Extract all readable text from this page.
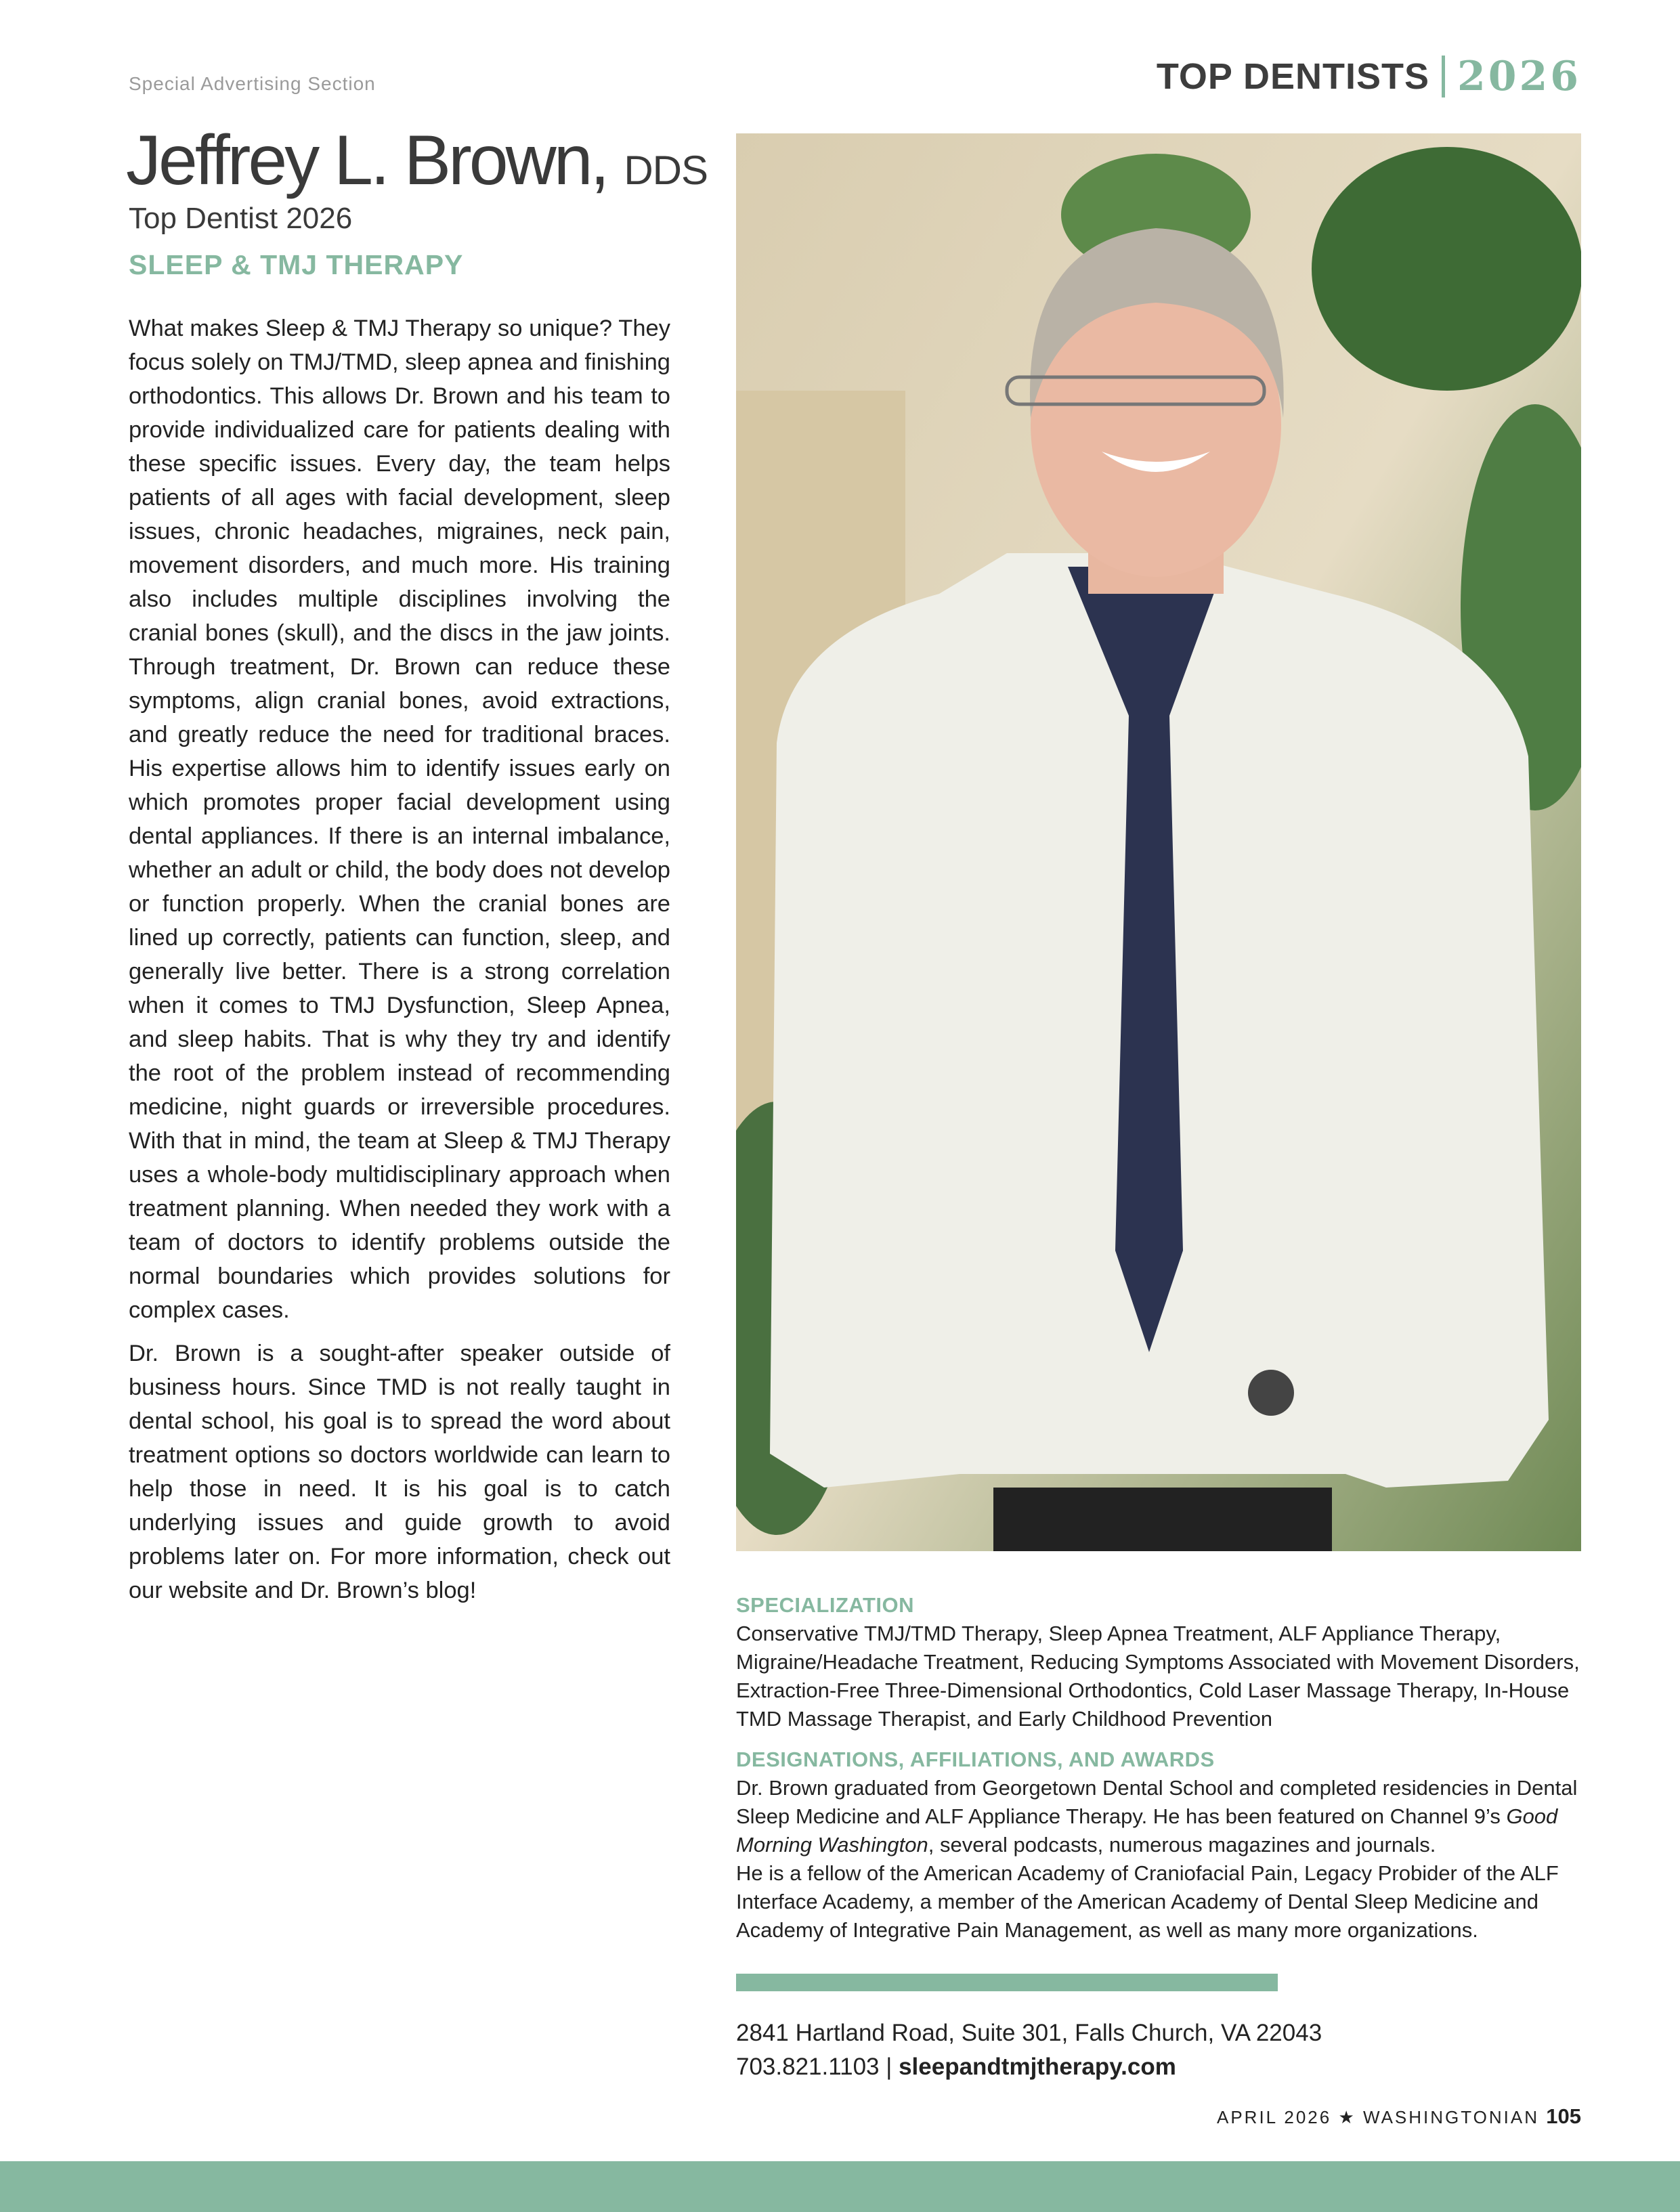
Special Advertising Section	TOP DENTISTS 2026
Jeffrey L. Brown, DDS
Top Dentist 2026
SLEEP & TMJ THERAPY

What makes Sleep & TMJ Therapy so unique? They focus solely on TMJ/TMD, sleep apnea and finishing orthodontics. This allows Dr. Brown and his team to provide individualized care for patients dealing with these specific issues. Every day, the team helps patients of all ages with facial development, sleep issues, chronic headaches, migraines, neck pain, movement disorders, and much more. His training also includes multiple disciplines involving the cranial bones (skull), and the discs in the jaw joints. Through treatment, Dr. Brown can reduce these symptoms, align cranial bones, avoid extractions, and greatly reduce the need for traditional braces. His expertise allows him to identify issues early on which promotes proper facial development using dental appliances. If there is an internal imbalance, whether an adult or child, the body does not develop or function properly. When the cranial bones are lined up correctly, patients can function, sleep, and generally live better. There is a strong correlation when it comes to TMJ Dysfunction, Sleep Apnea, and sleep habits. That is why they try and identify the root of the problem instead of recommending medicine, night guards or irreversible procedures. With that in mind, the team at Sleep & TMJ Therapy uses a whole-body multidisciplinary approach when treatment planning. When needed they work with a team of doctors to identify problems outside the normal boundaries which provides solutions for complex cases.

Dr. Brown is a sought-after speaker outside of business hours. Since TMD is not really taught in dental school, his goal is to spread the word about treatment options so doctors worldwide can learn to help those in need. It is his goal is to catch underlying issues and guide growth to avoid problems later on. For more information, check out our website and Dr. Brown’s blog!

SPECIALIZATION
Conservative TMJ/TMD Therapy, Sleep Apnea Treatment, ALF Appliance Therapy, Migraine/Headache Treatment, Reducing Symptoms Associated with Movement Disorders, Extraction-Free Three-Dimensional Orthodontics, Cold Laser Massage Therapy, In-House TMD Massage Therapist, and Early Childhood Prevention
DESIGNATIONS, AFFILIATIONS, AND AWARDS
Dr. Brown graduated from Georgetown Dental School and completed residencies in Dental Sleep Medicine and ALF Appliance Therapy. He has been featured on Channel 9’s Good Morning Washington, several podcasts, numerous magazines and journals.
He is a fellow of the American Academy of Craniofacial Pain, Legacy Probider of the ALF Interface Academy, a member of the American Academy of Dental Sleep Medicine and Academy of Integrative Pain Management, as well as many more organizations.
2841 Hartland Road, Suite 301, Falls Church, VA 22043
703.821.1103 | sleepandtmjtherapy.com
APRIL 2026 ★ WASHINGTONIAN 105
